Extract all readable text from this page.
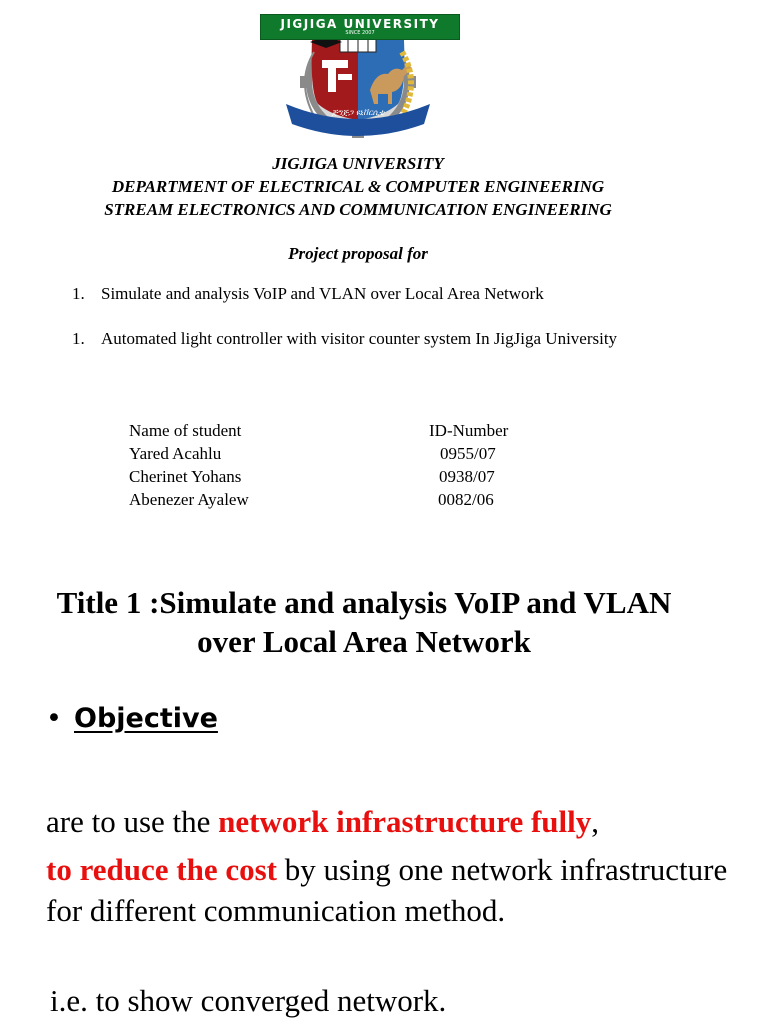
JIGJIGA UNIVERSITY
SINCE 2007
ጅግጅጋ ዩኒቨርሲቲ
JIGJIGA UNIVERSITY
DEPARTMENT OF ELECTRICAL & COMPUTER ENGINEERING
STREAM ELECTRONICS AND COMMUNICATION ENGINEERING
Project proposal for
1. Simulate and analysis VoIP and VLAN over Local Area Network
1. Automated light controller with visitor counter system In JigJiga University
Name of student
Yared Acahlu
Cherinet Yohans
Abenezer Ayalew
ID-Number
0955/07
0938/07
0082/06
Title 1 :Simulate and analysis VoIP and VLAN
over Local Area Network
• Objective
are to use the network infrastructure fully,
to reduce the cost by using one network infrastructure for different communication method.
i.e. to show converged network.
